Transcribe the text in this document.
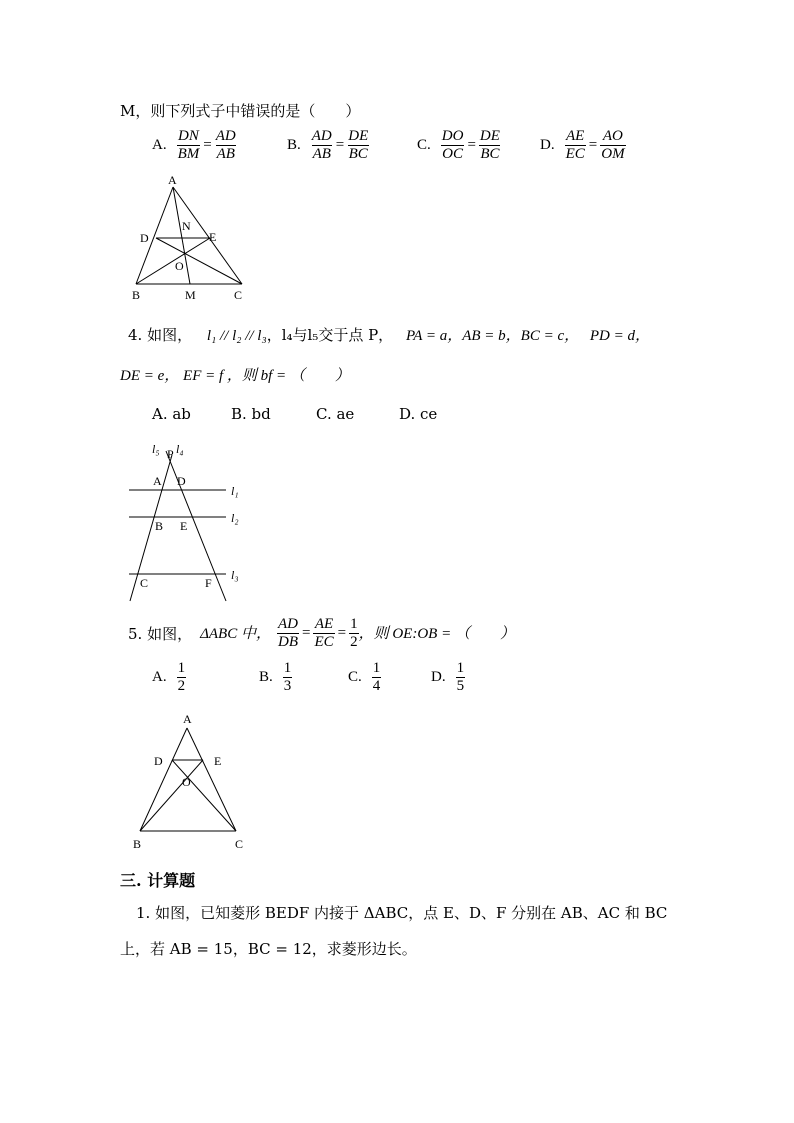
M，则下列式子中错误的是（　　）
A. $\frac{DN}{BM} = \frac{AD}{AB}$	B. $\frac{AD}{AB} = \frac{DE}{BC}$	C. $\frac{DO}{OC} = \frac{DE}{BC}$	D. $\frac{AE}{EC} = \frac{AO}{OM}$
A
D
N
E
O
B	M	C
4. 如图， l₁ // l₂ // l₃，l₄与l₅交于点 P， PA = a，AB = b，BC = c， PD = d，
DE = e， EF = f ，则 bf = （　　）
A. ab	B. bd	C. ae	D. ce
l₅ P l₄
A D
l₁
B E
l₂
C	F
l₃
5. 如图， ΔABC 中， $\frac{AD}{DB} = \frac{AE}{EC} = \frac{1}{2}$ ，则 OE:OB = （　　）
A. $\frac{1}{2}$	B. $\frac{1}{3}$	C. $\frac{1}{4}$	D. $\frac{1}{5}$
A
D	E
O
B	C
三. 计算题
1. 如图，已知菱形 BEDF 内接于 ΔABC，点 E、D、F 分别在 AB、AC 和 BC
上，若 AB = 15，BC = 12，求菱形边长。
